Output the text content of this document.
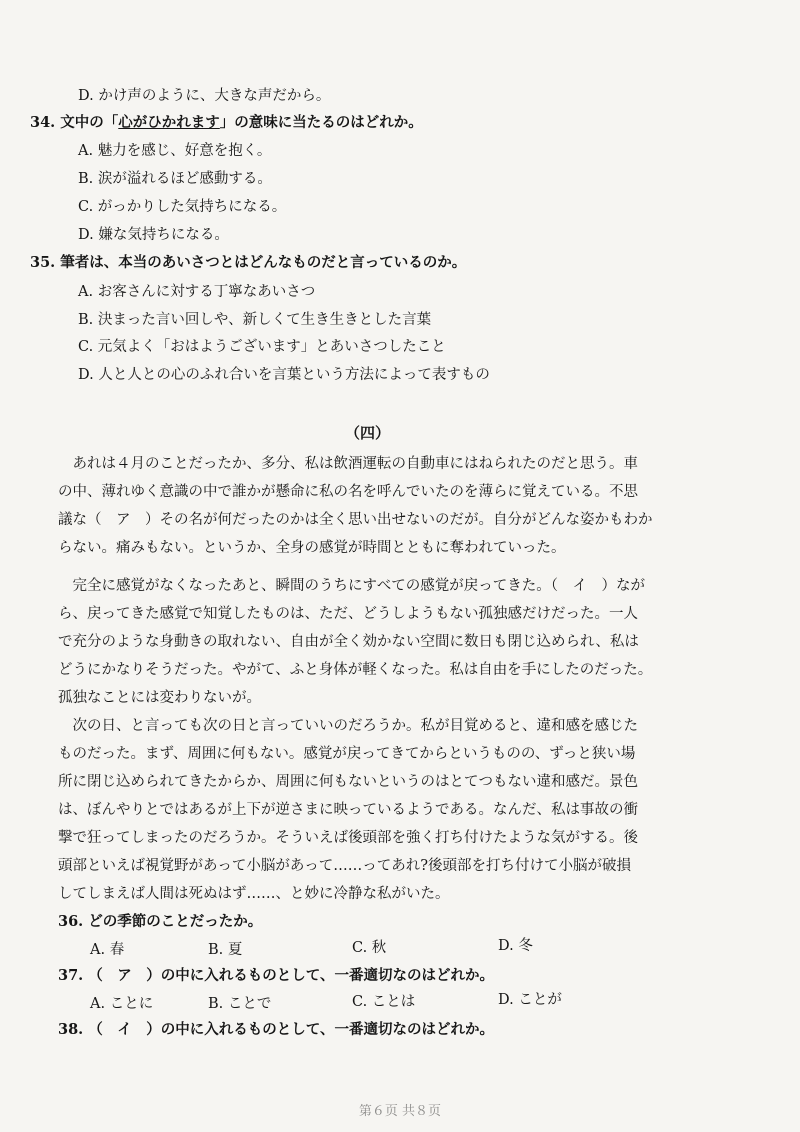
D. かけ声のように、大きな声だから。
34. 文中の「心がひかれます」の意味に当たるのはどれか。
A. 魅力を感じ、好意を抱く。
B. 涙が溢れるほど感動する。
C. がっかりした気持ちになる。
D. 嫌な気持ちになる。
35. 筆者は、本当のあいさつとはどんなものだと言っているのか。
A. お客さんに対する丁寧なあいさつ
B. 決まった言い回しや、新しくて生き生きとした言葉
C. 元気よく「おはようございます」とあいさつしたこと
D. 人と人との心のふれ合いを言葉という方法によって表すもの
（四）
　あれは４月のことだったか、多分、私は飲酒運転の自動車にはねられたのだと思う。車
の中、薄れゆく意識の中で誰かが懸命に私の名を呼んでいたのを薄らに覚えている。不思
議な（　ア　）その名が何だったのかは全く思い出せないのだが。自分がどんな姿かもわか
らない。痛みもない。というか、全身の感覚が時間とともに奪われていった。
　完全に感覚がなくなったあと、瞬間のうちにすべての感覚が戻ってきた。（　イ　）なが
ら、戻ってきた感覚で知覚したものは、ただ、どうしようもない孤独感だけだった。一人
で充分のような身動きの取れない、自由が全く効かない空間に数日も閉じ込められ、私は
どうにかなりそうだった。やがて、ふと身体が軽くなった。私は自由を手にしたのだった。
孤独なことには変わりないが。
　次の日、と言っても次の日と言っていいのだろうか。私が目覚めると、違和感を感じた
ものだった。まず、周囲に何もない。感覚が戻ってきてからというものの、ずっと狭い場
所に閉じ込められてきたからか、周囲に何もないというのはとてつもない違和感だ。景色
は、ぼんやりとではあるが上下が逆さまに映っているようである。なんだ、私は事故の衝
撃で狂ってしまったのだろうか。そういえば後頭部を強く打ち付けたような気がする。後
頭部といえば視覚野があって小脳があって……ってあれ?後頭部を打ち付けて小脳が破損
してしまえば人間は死ぬはず……、と妙に冷静な私がいた。
36. どの季節のことだったか。
A. 春	B. 夏	C. 秋	D. 冬
37. （　ア　）の中に入れるものとして、一番適切なのはどれか。
A. ことに	B. ことで	C. ことは	D. ことが
38. （　イ　）の中に入れるものとして、一番適切なのはどれか。
第６页 共８页
